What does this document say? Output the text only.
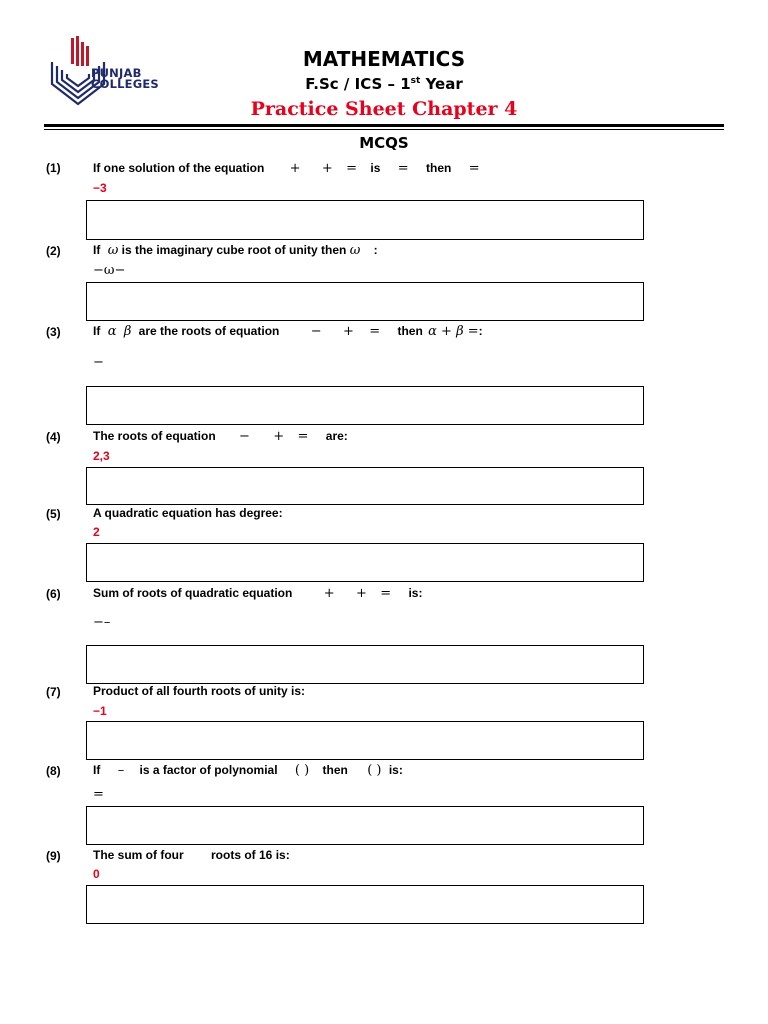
PUNJAB
COLLEGES
MATHEMATICS
F.Sc / ICS – 1st Year
Practice Sheet Chapter 4
MCQS
(1)	If one solution of the equation + + = is = then =
−3
(2)	If ω is the imaginary cube root of unity then ω :
−ω−
(3)	If α β are the roots of equation − + = then α + β =:
−
(4)	The roots of equation − + = are:
2,3
(5)	A quadratic equation has degree:
2
(6)	Sum of roots of quadratic equation + + = is:
−–
(7)	Product of all fourth roots of unity is:
−1
(8)	If – is a factor of polynomial ( ) then ( ) is:
=
(9)	The sum of four roots of 16 is:
0
